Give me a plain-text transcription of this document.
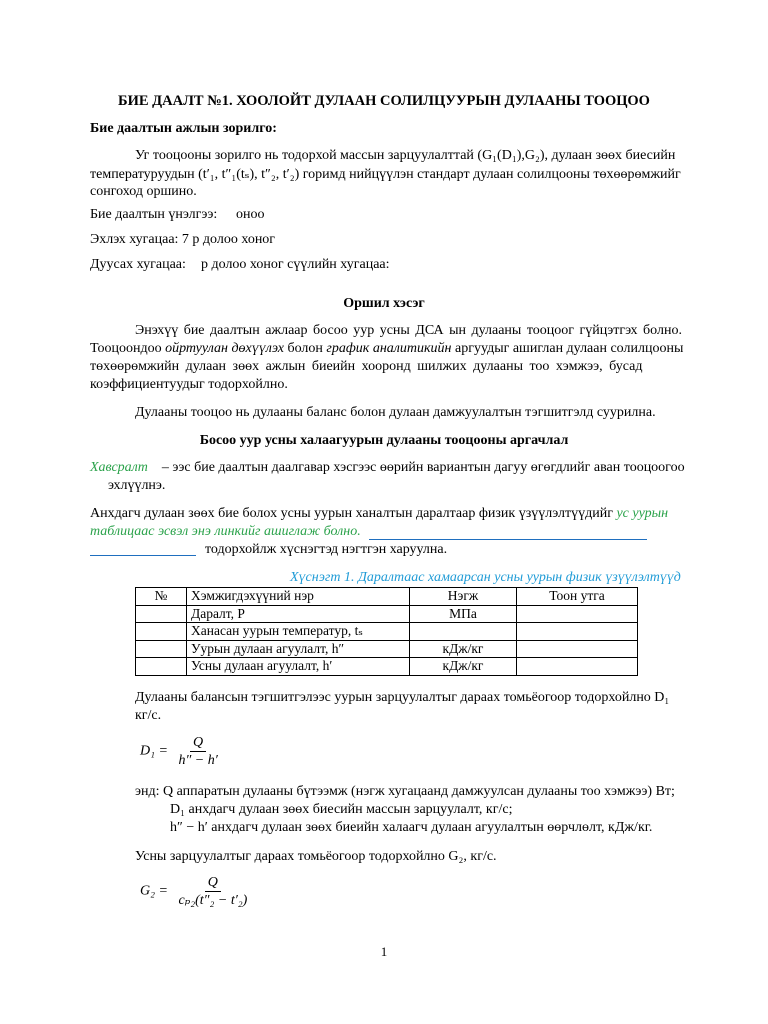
БИЕ ДААЛТ №1. ХООЛОЙТ ДУЛААН СОЛИЛЦУУРЫН ДУЛААНЫ ТООЦОО
Бие даалтын ажлын зорилго:
Уг тооцооны зорилго нь тодорхой массын зарцуулалттай (G₁(D₁),G₂), дулаан зөөх биесийн
температуруудын (t′₁, t″₁(tₛ), t″₂, t′₂) горимд нийцүүлэн стандарт дулаан солилцооны төхөөрөмжийг
сонгоход оршино.
Бие даалтын үнэлгээ: оноо
Эхлэх хугацаа: 7 р долоо хоног
Дуусах хугацаа: р долоо хоног сүүлийн хугацаа:
Оршил хэсэг
Энэхүү бие даалтын ажлаар босоо уур усны ДСА ын дулааны тооцоог гүйцэтгэх болно.
Тооцоондоо ойртуулан дөхүүлэх болон график аналитикийн аргуудыг ашиглан дулаан солилцооны
төхөөрөмжийн дулаан зөөх ажлын биеийн хооронд шилжих дулааны тоо хэмжээ, бусад
коэффициентуудыг тодорхойлно.
Дулааны тооцоо нь дулааны баланс болон дулаан дамжуулалтын тэгшитгэлд суурилна.
Босоо уур усны халаагуурын дулааны тооцооны аргачлал
Хавсралт – ээс бие даалтын даалгавар хэсгээс өөрийн вариантын дагуу өгөгдлийг аван тооцоогоо
эхлүүлнэ.
Анхдагч дулаан зөөх бие болох усны уурын ханалтын даралтаар физик үзүүлэлтүүдийг ус уурын
таблицаас эсвэл энэ линкийг ашиглаж болно.
тодорхойлж хүснэгтэд нэгтгэн харуулна.
Хүснэгт 1. Даралтаас хамаарсан усны уурын физик үзүүлэлтүүд
№	Хэмжигдэхүүний нэр	Нэгж	Тоон утга
	Даралт, P	МПа	
	Ханасан уурын температур, tₛ		
	Уурын дулаан агуулалт, h″	кДж/кг	
	Усны дулаан агуулалт, h′	кДж/кг	
Дулааны балансын тэгшитгэлээс уурын зарцуулалтыг дараах томьёогоор тодорхойлно D₁
кг/с.
$D_1 = \frac{Q}{h'' - h'}$
энд: Q аппаратын дулааны бүтээмж (нэгж хугацаанд дамжуулсан дулааны тоо хэмжээ) Вт;
D₁ анхдагч дулаан зөөх биесийн массын зарцуулалт, кг/с;
h″ − h′ анхдагч дулаан зөөх биеийн халаагч дулаан агуулалтын өөрчлөлт, кДж/кг.
Усны зарцуулалтыг дараах томьёогоор тодорхойлно G₂, кг/с.
$G_2 = \frac{Q}{\text{cₚ₂(t″₂ − t′₂)}}$
1
